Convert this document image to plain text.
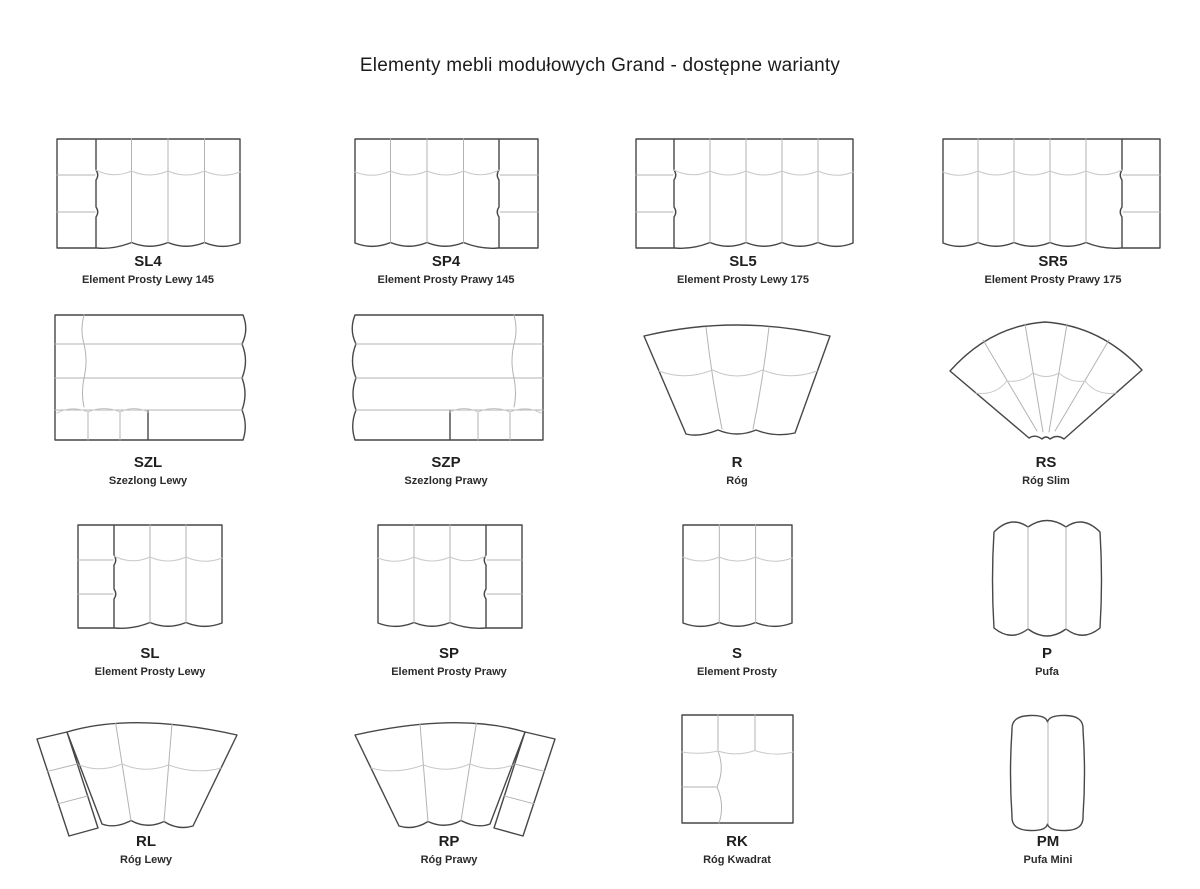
Elementy mebli modułowych Grand - dostępne warianty
SL4
Element Prosty Lewy 145
SP4
Element Prosty Prawy 145
SL5
Element Prosty Lewy 175
SR5
Element Prosty Prawy 175
SZL
Szezlong Lewy
SZP
Szezlong Prawy
R
Róg
RS
Róg Slim
SL
Element Prosty Lewy
SP
Element Prosty Prawy
S
Element Prosty
P
Pufa
RL
Róg Lewy
RP
Róg Prawy
RK
Róg Kwadrat
PM
Pufa Mini
